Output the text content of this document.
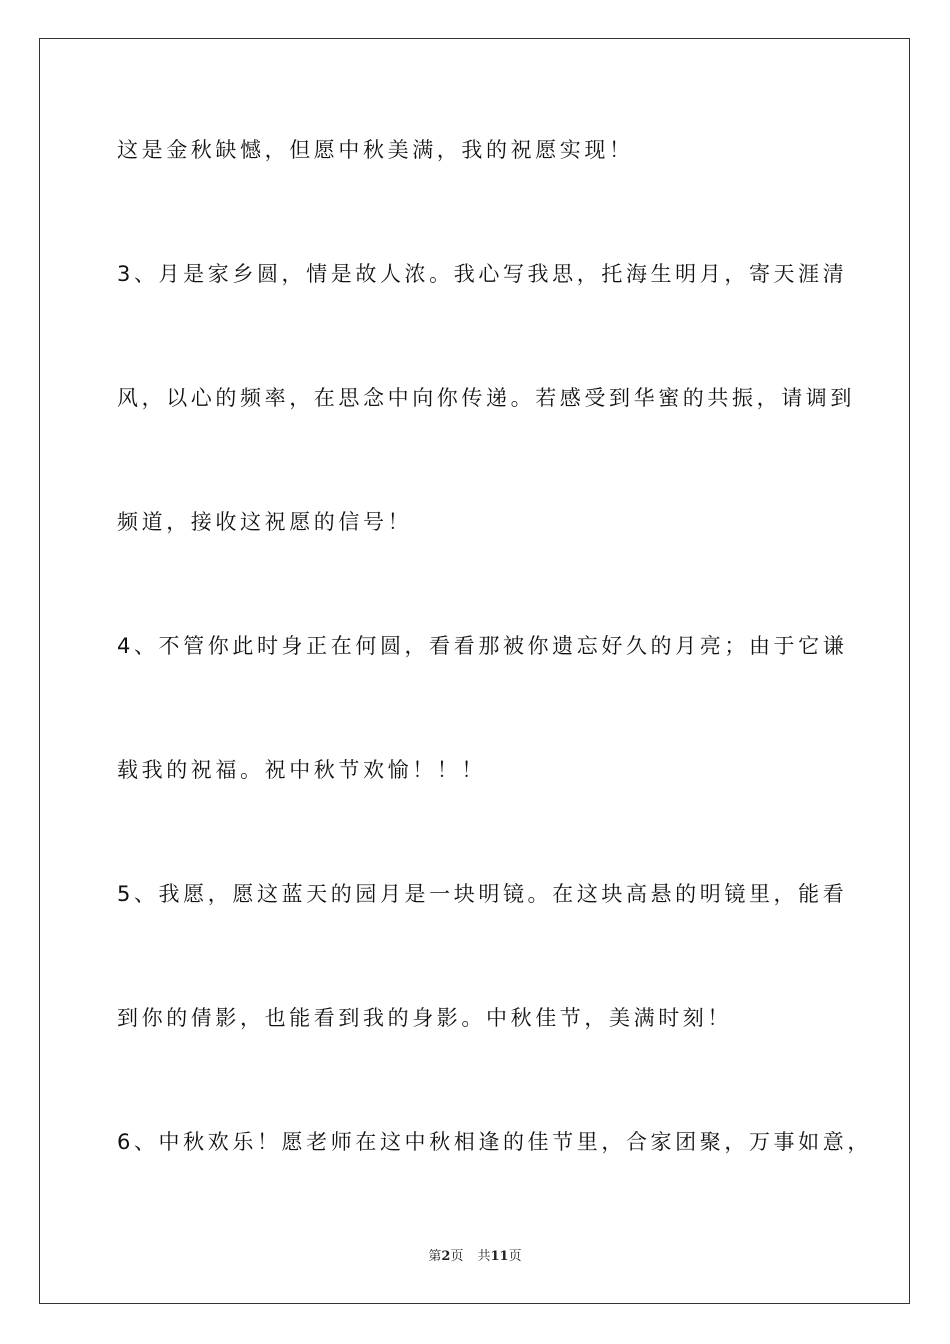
这是金秋缺憾，但愿中秋美满，我的祝愿实现！

3、月是家乡圆，情是故人浓。我心写我思，托海生明月，寄天涯清

风，以心的频率，在思念中向你传递。若感受到华蜜的共振，请调到

频道，接收这祝愿的信号！

4、不管你此时身正在何圆，看看那被你遗忘好久的月亮；由于它谦

载我的祝福。祝中秋节欢愉！！！

5、我愿，愿这蓝天的园月是一块明镜。在这块高悬的明镜里，能看

到你的倩影，也能看到我的身影。中秋佳节，美满时刻！

6、中秋欢乐！愿老师在这中秋相逢的佳节里，合家团聚，万事如意，

第2页 共11页
